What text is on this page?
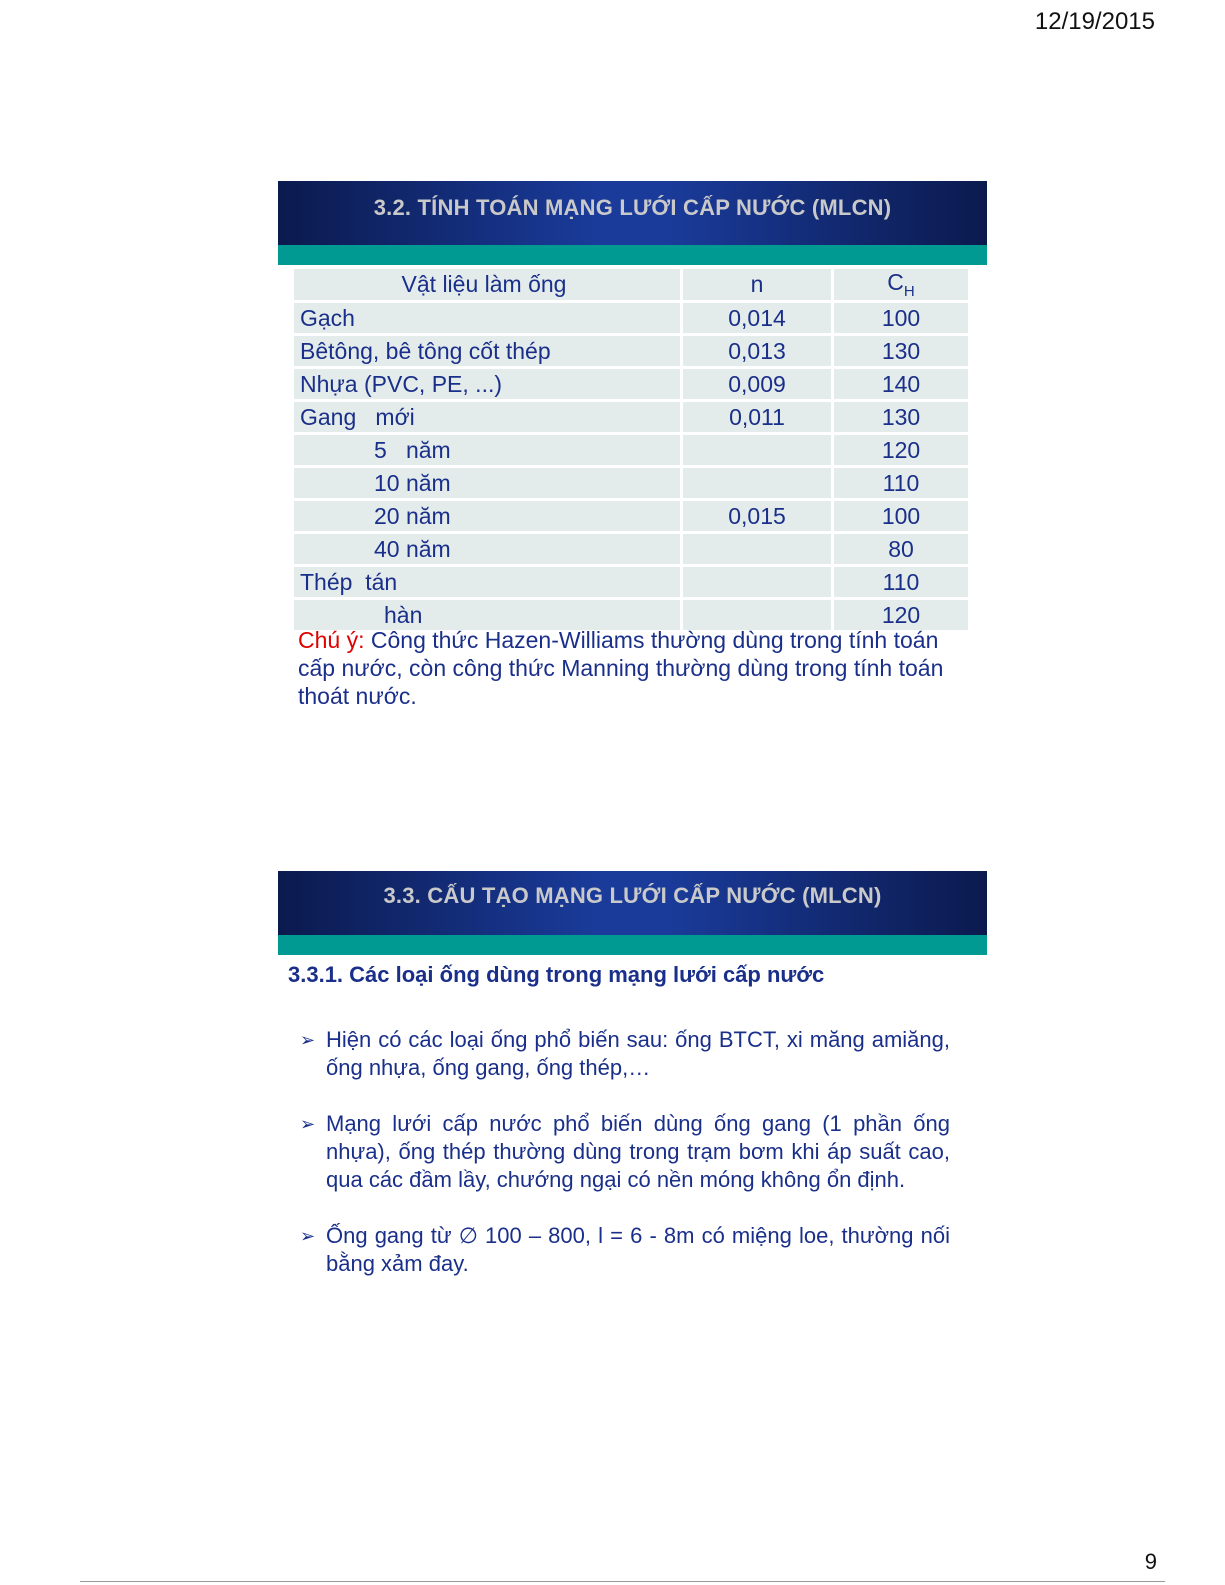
12/19/2015
3.2. TÍNH TOÁN MẠNG LƯỚI CẤP NƯỚC (MLCN)
Vật liệu làm ống	n	$C_H$
Gạch	0,014	100
Bêtông, bê tông cốt thép	0,013	130
Nhựa (PVC, PE, ...)	0,009	140
Gang   mới	0,011	130
5   năm		120
10 năm		110
20 năm	0,015	100
40 năm		80
Thép  tán		110
hàn		120
Chú ý: Công thức Hazen-Williams thường dùng trong tính toán cấp nước, còn công thức Manning thường dùng trong tính toán thoát nước.
3.3. CẤU TẠO MẠNG LƯỚI CẤP NƯỚC (MLCN)
3.3.1. Các loại ống dùng trong mạng lưới cấp nước
➢ Hiện có các loại ống phổ biến sau: ống BTCT, xi măng amiăng, ống nhựa, ống gang, ống thép,…
➢ Mạng lưới cấp nước phổ biến dùng ống gang (1 phần ống nhựa), ống thép thường dùng trong trạm bơm khi áp suất cao, qua các đầm lầy, chướng ngại có nền móng không ổn định.
➢ Ống gang từ ∅ 100 – 800, l = 6 - 8m có miệng loe, thường nối bằng xảm đay.
9
